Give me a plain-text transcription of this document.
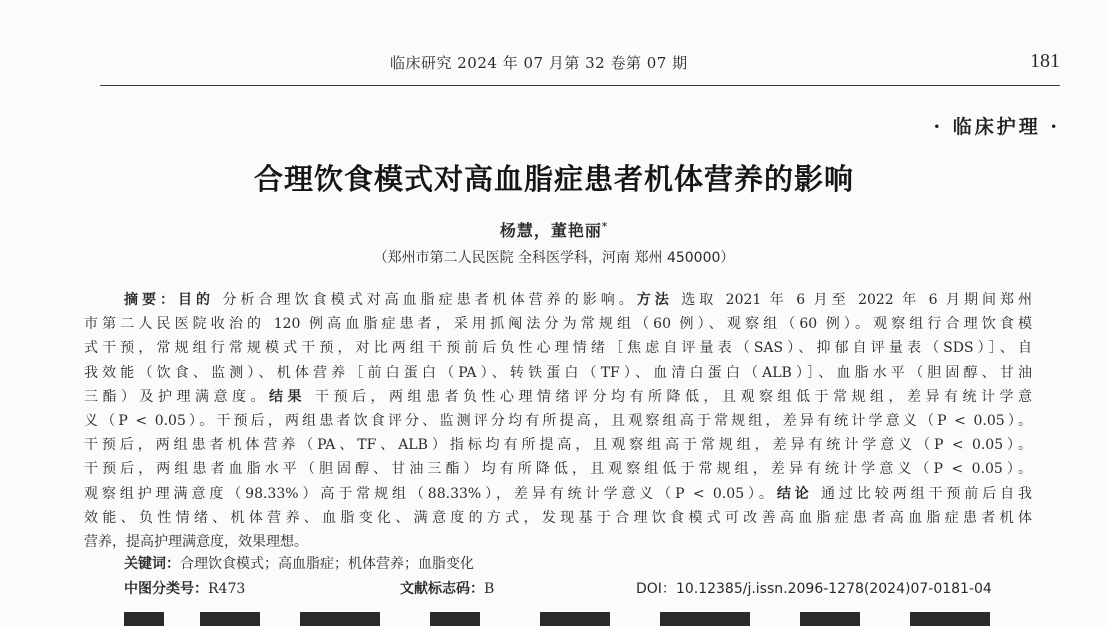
临床研究 2024 年 07 月第 32 卷第 07 期	181
· 临床护理 ·
合理饮食模式对高血脂症患者机体营养的影响
杨慧，董艳丽*
（郑州市第二人民医院 全科医学科，河南 郑州 450000）
摘要：目的 分析合理饮食模式对高血脂症患者机体营养的影响。方法 选取 2021 年 6 月至 2022 年 6 月期间郑州
市第二人民医院收治的 120 例高血脂症患者，采用抓阄法分为常规组（60 例）、观察组（60 例）。观察组行合理饮食模
式干预，常规组行常规模式干预，对比两组干预前后负性心理情绪［焦虑自评量表（SAS）、抑郁自评量表（SDS）］、自
我效能（饮食、监测）、机体营养［前白蛋白（PA）、转铁蛋白（TF）、血清白蛋白（ALB）］、血脂水平（胆固醇、甘油
三酯）及护理满意度。结果 干预后，两组患者负性心理情绪评分均有所降低，且观察组低于常规组，差异有统计学意
义（P < 0.05）。干预后，两组患者饮食评分、监测评分均有所提高，且观察组高于常规组，差异有统计学意义（P < 0.05）。
干预后，两组患者机体营养（PA、TF、ALB）指标均有所提高，且观察组高于常规组，差异有统计学意义（P < 0.05）。
干预后，两组患者血脂水平（胆固醇、甘油三酯）均有所降低，且观察组低于常规组，差异有统计学意义（P < 0.05）。
观察组护理满意度（98.33%）高于常规组（88.33%），差异有统计学意义（P < 0.05）。结论 通过比较两组干预前后自我
效能、负性情绪、机体营养、血脂变化、满意度的方式，发现基于合理饮食模式可改善高血脂症患者高血脂症患者机体
营养，提高护理满意度，效果理想。
关键词：合理饮食模式；高血脂症；机体营养；血脂变化
中图分类号：R473	文献标志码：B	DOI：10.12385/j.issn.2096-1278(2024)07-0181-04
